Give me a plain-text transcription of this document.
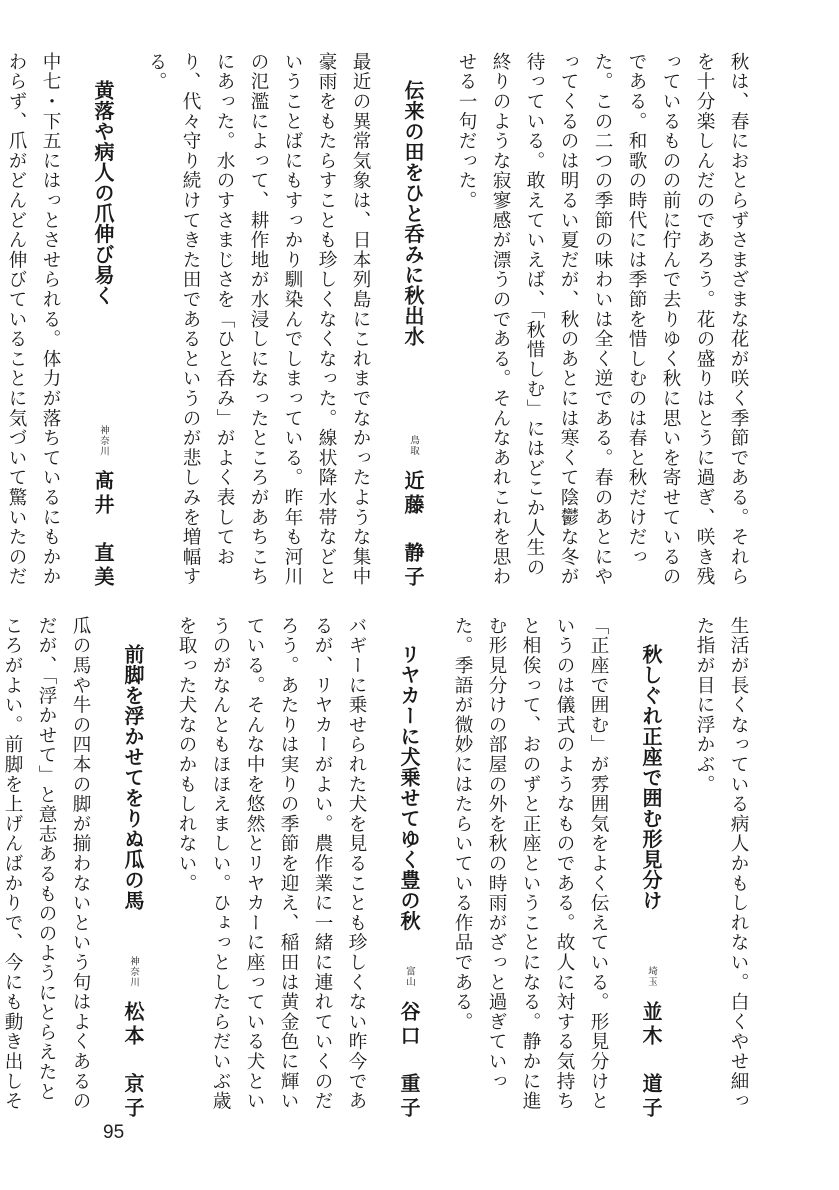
秋は、春におとらずさまざまな花が咲く季節である。それらを十分楽しんだのであろう。花の盛りはとうに過ぎ、咲き残っているものの前に佇んで去りゆく秋に思いを寄せているのである。和歌の時代には季節を惜しむのは春と秋だけだった。この二つの季節の味わいは全く逆である。春のあとにやってくるのは明るい夏だが、秋のあとには寒くて陰鬱な冬が待っている。敢えていえば、「秋惜しむ」にはどこか人生の終りのような寂寥感が漂うのである。そんなあれこれを思わせる一句だった。

伝来の田をひと呑みに秋出水
鳥取
近藤　静子

最近の異常気象は、日本列島にこれまでなかったような集中豪雨をもたらすことも珍しくなくなった。線状降水帯などということばにもすっかり馴染んでしまっている。昨年も河川の氾濫によって、耕作地が水浸しになったところがあちこちにあった。水のすさまじさを「ひと呑み」がよく表しており、代々守り続けてきた田であるというのが悲しみを増幅する。

黄落や病人の爪伸び易く
神奈川
髙井　直美

中七・下五にはっとさせられる。体力が落ちているにもかかわらず、爪がどんどん伸びていることに気づいて驚いたのだ

生活が長くなっている病人かもしれない。白くやせ細った指が目に浮かぶ。

秋しぐれ正座で囲む形見分け
埼玉
並木　道子

「正座で囲む」が雰囲気をよく伝えている。形見分けというのは儀式のようなものである。故人に対する気持ちと相俟って、おのずと正座ということになる。静かに進む形見分けの部屋の外を秋の時雨がざっと過ぎていった。季語が微妙にはたらいている作品である。

リヤカーに犬乗せてゆく豊の秋
富山
谷口　重子

バギーに乗せられた犬を見ることも珍しくない昨今であるが、リヤカーがよい。農作業に一緒に連れていくのだろう。あたりは実りの季節を迎え、稲田は黄金色に輝いている。そんな中を悠然とリヤカーに座っている犬というのがなんともほほえましい。ひょっとしたらだいぶ歳を取った犬なのかもしれない。

前脚を浮かせてをりぬ瓜の馬
神奈川
松本　京子

瓜の馬や牛の四本の脚が揃わないという句はよくあるのだが、「浮かせて」と意志あるもののようにとらえたところがよい。前脚を上げんばかりで、今にも動き出しそ

95
